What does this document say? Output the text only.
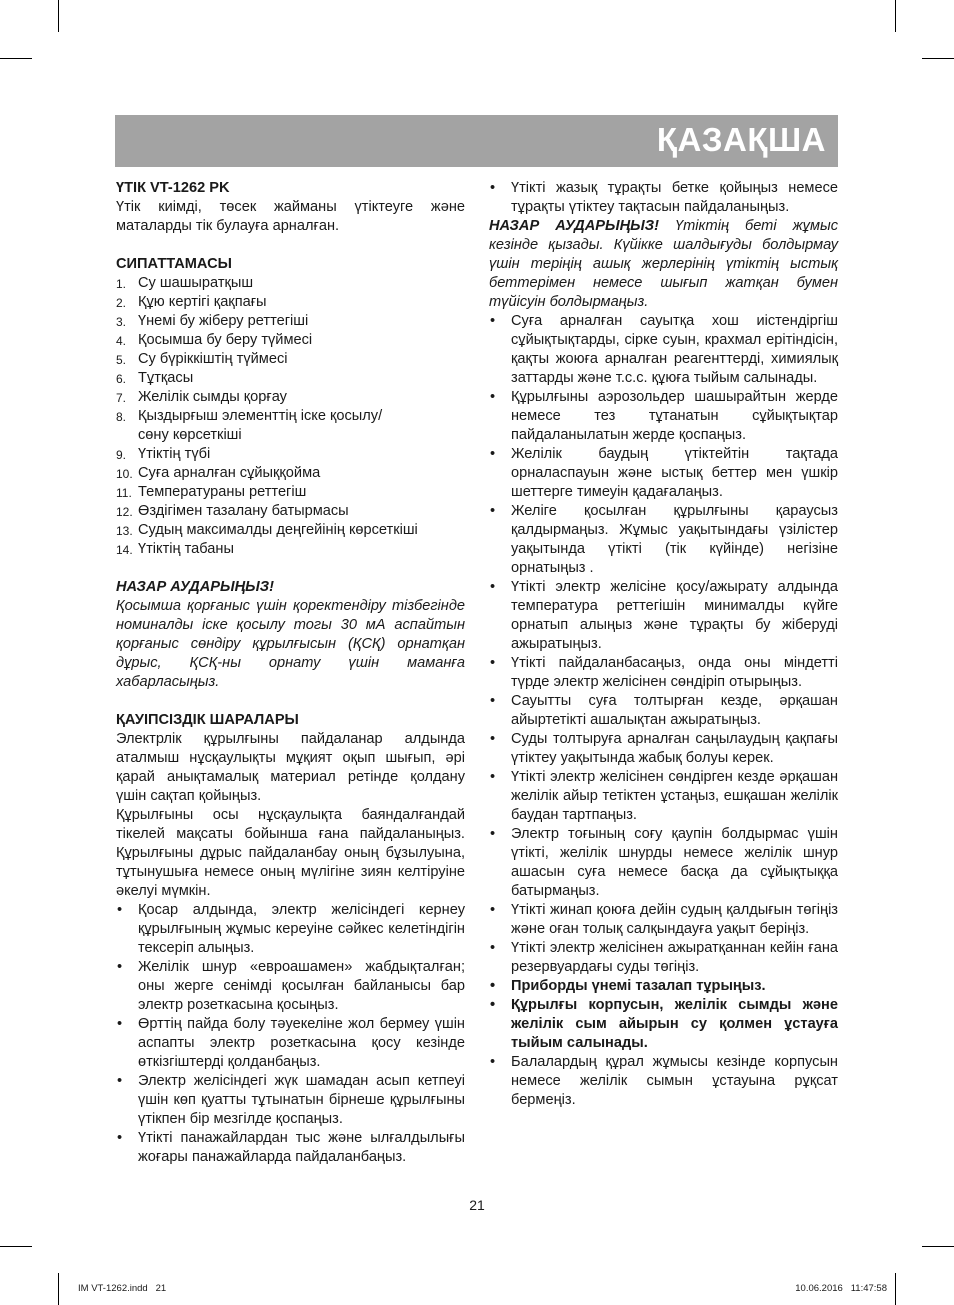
ҚАЗАҚША

ҮТІК VT-1262 PK

Үтік киімді, төсек жайманы үтіктеуге және маталарды тік булауға арналған.

СИПАТТАМАСЫ

1. Су шашыратқыш
2. Құю кертігі қақпағы
3. Үнемі бу жіберу реттегіші
4. Қосымша бу беру түймесі
5. Су бүріккіштің түймесі
6. Тұтқасы
7. Желілік сымды қорғау
8. Қыздырғыш элементтің іске қосылу/сөну көрсеткіші
9. Үтіктің түбі
10. Суға арналған сұйыққойма
11. Температураны реттегіш
12. Өздігімен тазалану батырмасы
13. Судың максималды деңгейінің көрсеткіші
14. Үтіктің табаны

НАЗАР АУДАРЫҢЫЗ!

Қосымша қорғаныс үшін қоректендіру тізбегінде номиналды іске қосылу тогы 30 мА аспайтын қорғаныс сөндіру құрылғысын (ҚСҚ) орнатқан дұрыс, ҚСҚ-ны орнату үшін маманға хабарласыңыз.

ҚАУІПСІЗДІК ШАРАЛАРЫ

Электрлік құрылғыны пайдаланар алдында аталмыш нұсқаулықты мұқият оқып шығып, әрі қарай анықтамалық материал ретінде қолдану үшін сақтап қойыңыз.

Құрылғыны осы нұсқаулықта баяндалғандай тікелей мақсаты бойынша ғана пайдаланыңыз. Құрылғыны дұрыс пайдаланбау оның бұзылуына, тұтынушыға немесе оның мүлігіне зиян келтіруіне әкелуі мүмкін.

• Қосар алдында, электр желісіндегі кернеу құрылғының жұмыс кереуіне сәйкес келетіндігін тексеріп алыңыз.
• Желілік шнур «евроашамен» жабдықталған; оны жерге сенімді қосылған байланысы бар электр розеткасына қосыңыз.
• Өрттің пайда болу тәуекеліне жол бермеу үшін аспапты электр розеткасына қосу кезінде өткізгіштерді қолданбаңыз.
• Электр желісіндегі жүк шамадан асып кетпеуі үшін көп қуатты тұтынатын бірнеше құрылғыны үтікпен бір мезгілде қоспаңыз.
• Үтікті панажайлардан тыс және ылғалдылығы жоғары панажайларда пайдаланбаңыз.
• Үтікті жазық тұрақты бетке қойыңыз немесе тұрақты үтіктеу тақтасын пайдаланыңыз.

НАЗАР АУДАРЫҢЫЗ! Үтіктің беті жұмыс кезінде қызады. Күйікке шалдығуды болдырмау үшін теріңің ашық жерлерінің үтіктің ыстық беттерімен немесе шығып жатқан бумен түйісуін болдырмаңыз.

• Суға арналған сауытқа хош иістендіргіш сұйықтықтарды, сірке суын, крахмал ерітіндісін, қақты жоюға арналған реагенттерді, химиялық заттарды және т.с.с. құюға тыйым салынады.
• Құрылғыны аэрозольдер шашырайтын жерде немесе тез тұтанатын сұйықтықтар пайдаланылатын жерде қоспаңыз.
• Желілік баудың үтіктейтін тақтада орналаспауын және ыстық беттер мен үшкір шеттерге тимеуін қадағалаңыз.
• Желіге қосылған құрылғыны қараусыз қалдырмаңыз. Жұмыс уақытындағы үзілістер уақытында үтікті (тік күйінде) негізіне орнатыңыз .
• Үтікті электр желісіне қосу/ажырату алдында температура реттегішін минималды күйге орнатып алыңыз және тұрақты бу жіберуді ажыратыңыз.
• Үтікті пайдаланбасаңыз, онда оны міндетті түрде электр желісінен сөндіріп отырыңыз.
• Сауытты суға толтырған кезде, әрқашан айыртетікті ашалықтан ажыратыңыз.
• Суды толтыруға арналған саңылаудың қақпағы үтіктеу уақытында жабық болуы керек.
• Үтікті электр желісінен сөндірген кезде әрқашан желілік айыр тетіктен ұстаңыз, ешқашан желілік баудан тартпаңыз.
• Электр тоғының соғу қаупін болдырмас үшін үтікті, желілік шнурды немесе желілік шнур ашасын суға немесе басқа да сұйықтыққа батырмаңыз.
• Үтікті жинап қоюға дейін судың қалдығын төгіңіз және оған толық салқындауға уақыт беріңіз.
• Үтікті электр желісінен ажыратқаннан кейін ғана резервуардағы суды төгіңіз.
• Приборды үнемі тазалап тұрыңыз.
• Құрылғы корпусын, желілік сымды және желілік сым айырын су қолмен ұстауға тыйым салынады.
• Балалардың құрал жұмысы кезінде корпусын немесе желілік сымын ұстауына рұқсат бермеңіз.
21
IM VT-1262.indd   21	10.06.2016   11:47:58
